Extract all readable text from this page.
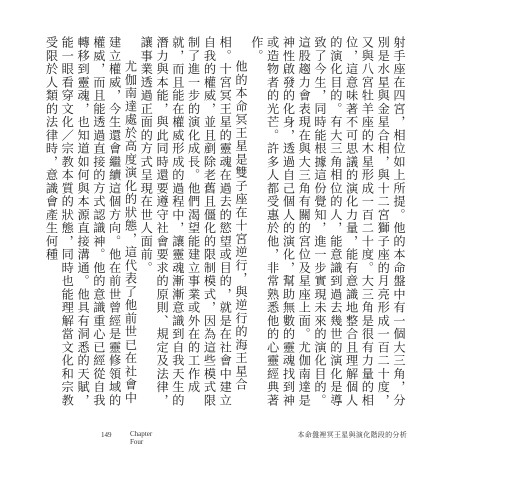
射手座在四宮，相位如上所提。他的本命盤中有一個大三角，分別是水星與金星合相，與十二宮獅子座的月亮形成一百二十度，又與八宮牡羊座的木星形成一百二十度。大三角是很有力量的相位，這意味著不可思議的演化力量，能有意識地整合且理解個人的演化目的。有大三角相位的人，能意識到過去幾世的演化是導致了今生，同時能根據這份覺知，進一步實現未來的演化目的。這股趨力會表現在與大三角有關的宮位及星座上面。尤伽南達是神性啟發的化身，透過自己個人的演化，幫助無數的靈魂找到神或造物者的光芒。許多人都受惠於他，非常熟悉他的心靈經典著作。

他的本命冥王星是雙子座在十宮逆行，與逆行的海王星合相。十宮冥王星的靈魂在過去的慾望或目的，就是在社會中建立自我的權威，並且剷除老舊且僵化的限制模式，因為這些模式限制了進一步的演化成長。他們渴望能建立事業或外在的工作成就，而且能在權威形成的過程中，讓靈魂漸漸意識到自我天生的潛力與本能，與此同時還要遵守社會要求的原則、規定及法律，讓事業透過正面的方式呈現在世人面前。

尤伽南達處於高度演化的狀態，這代表了他前世已在社會中建立權威，今生還會繼續這個方向。他在前世曾經是靈修領域的權威，而且能透過直接的方式認識神。他的意識重心已經從自我轉移到靈魂，也知道如何與本源直接溝通。他具有洞悉的天賦，能一眼看穿文化／宗教本質的狀態，同時也能理解當文化和宗教受限於人類的法律時，意識會產生何種

149	Chapter
Four
本命盤裡冥王星與演化階段的分析
